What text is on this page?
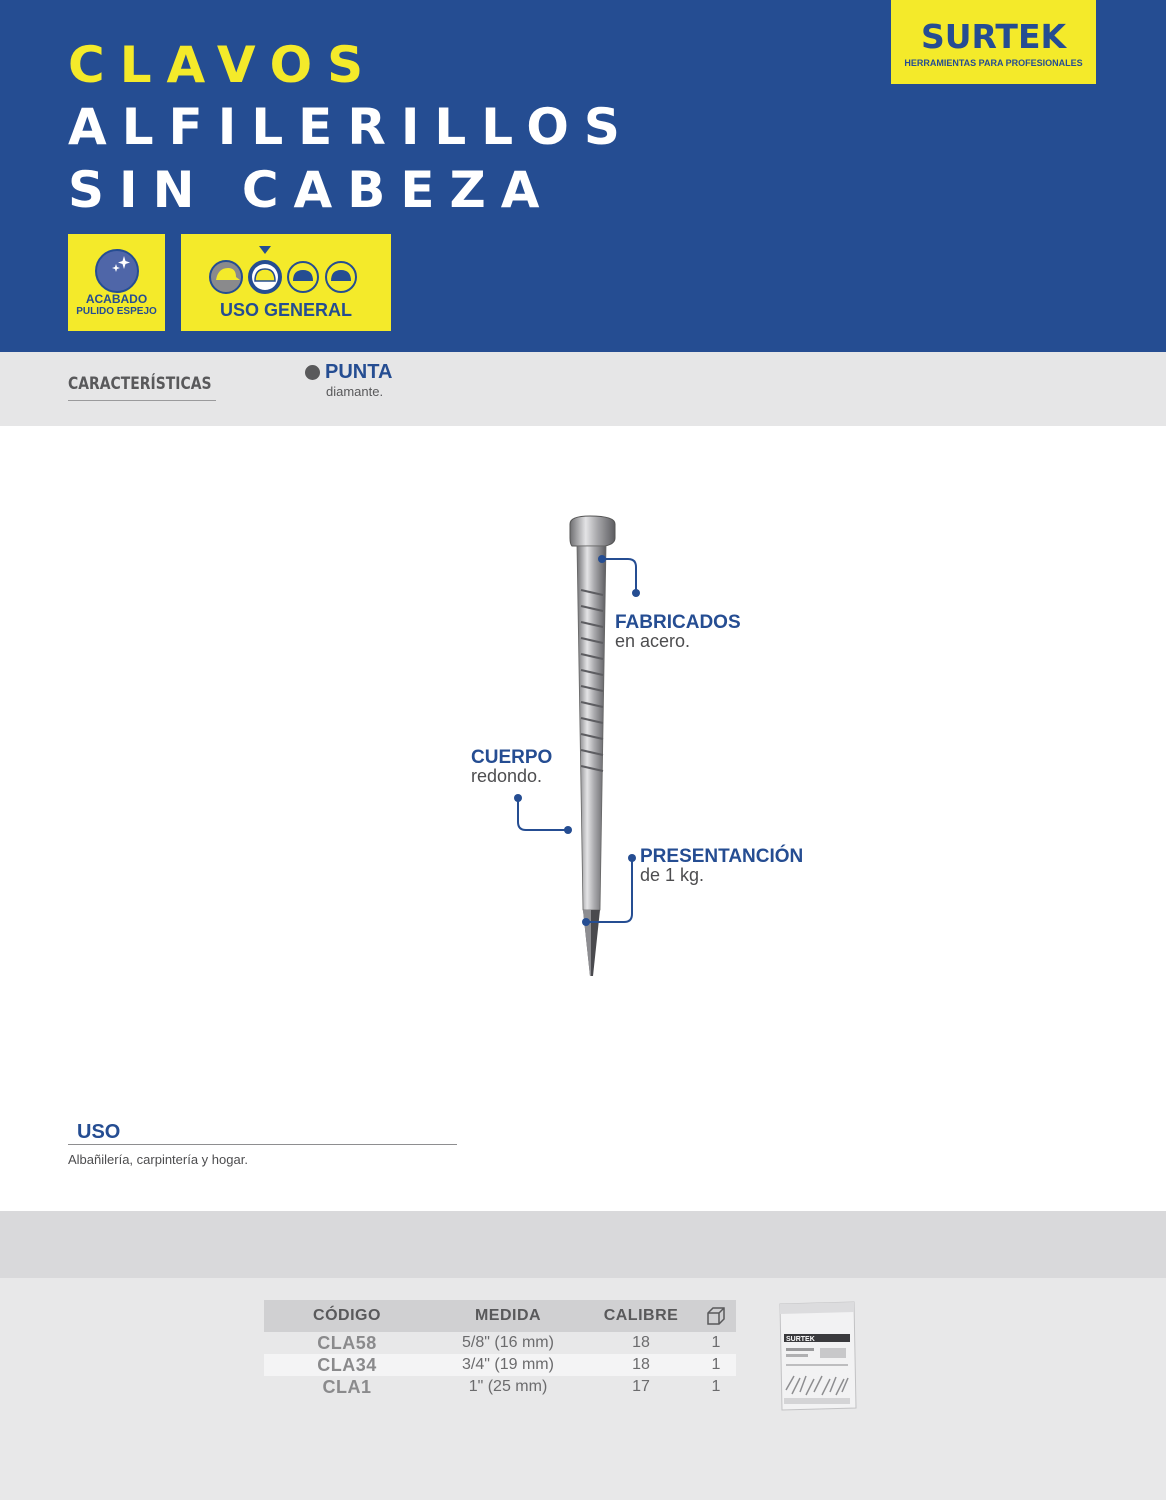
CLAVOS
ALFILERILLOS
SIN CABEZA
SURTEK
HERRAMIENTAS PARA PROFESIONALES
ACABADO
PULIDO ESPEJO	USO GENERAL
CARACTERÍSTICAS
PUNTA
diamante.
FABRICADOS
en acero.
CUERPO
redondo.
PRESENTANCIÓN
de 1 kg.
USO
Albañilería, carpintería y hogar.
CÓDIGO	MEDIDA	CALIBRE	
CLA58	5/8" (16 mm)	18	1
CLA34	3/4" (19 mm)	18	1
CLA1	1" (25 mm)	17	1
SURTEK
